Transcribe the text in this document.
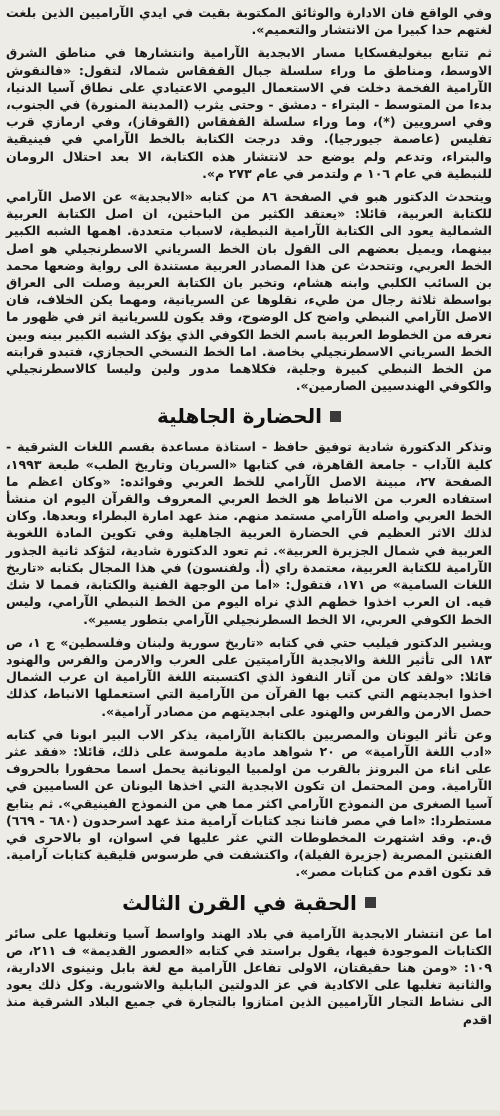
وفي الواقع فان الادارة والوثائق المكتوبة بقيت في ايدي الآراميين الذين بلغت لغتهم حدا كبيرا من الانتشار والتعميم».

ثم تتابع بيغوليفسكايا مسار الابجدية الآرامية وانتشارها في مناطق الشرق الاوسط، ومناطق ما وراء سلسلة جبال القفقاس شمالا، لتقول: «فالنقوش الآرامية الفخمة دخلت في الاستعمال اليومي الاعتيادي على نطاق آسيا الدنيا، بدءا من المتوسط - البتراء - دمشق - وحتى يثرب (المدينة المنورة) في الجنوب، وفي اسرويين (*)، وما وراء سلسلة القفقاس (القوقاز)، وفي ارمازي قرب تفليس (عاصمة جيورجيا). وقد درجت الكتابة بالخط الآرامي في فينيقية والبتراء، وتدعم ولم يوضع حد لانتشار هذه الكتابة، الا بعد احتلال الرومان للنبطية في عام ١٠٦ م ولتدمر في عام ٢٧٣ م».

ويتحدث الدكتور هبو في الصفحة ٨٦ من كتابه «الابجدية» عن الاصل الآرامي للكتابة العربية، قائلا: «يعتقد الكثير من الباحثين، ان اصل الكتابة العربية الشمالية يعود الى الكتابة الآرامية النبطية، لاسباب متعددة. اهمها الشبه الكبير بينهما، ويميل بعضهم الى القول بان الخط السرياني الاسطرنجيلي هو اصل الخط العربي، وتتحدث عن هذا المصادر العربية مستندة الى رواية وضعها محمد بن السائب الكلبي وابنه هشام، وتخبر بان الكتابة العربية وصلت الى العراق بواسطة ثلاثة رجال من طيء، نقلوها عن السريانية، ومهما يكن الخلاف، فان الاصل الآرامي النبطي واضح كل الوضوح، وقد يكون للسريانية اثر في ظهور ما نعرفه من الخطوط العربية باسم الخط الكوفي الذي يؤكد الشبه الكبير بينه وبين الخط السرياني الاسطرنجيلي بخاصة. اما الخط النسخي الحجازي، فتبدو قرابته من الخط النبطي كبيرة وجلية، فكلاهما مدور ولين وليسا كالاسطرنجيلي والكوفي الهندسيين الصارمين».

الحضارة الجاهلية

وتذكر الدكتورة شادية توفيق حافظ - استاذة مساعدة بقسم اللغات الشرقية - كلية الآداب - جامعة القاهرة، في كتابها «السريان وتاريخ الطب» طبعة ١٩٩٣، الصفحة ٢٧، مبينة الاصل الآرامي للخط العربي وفوائده: «وكان اعظم ما استفاده العرب من الانباط هو الخط العربي المعروف والقرآن اليوم ان منشأ الخط العربي واصله الآرامي مستمد منهم. منذ عهد امارة البطراء وبعدها. وكان لذلك الاثر العظيم في الحضارة العربية الجاهلية وفي تكوين المادة اللغوية العربية في شمال الجزيرة العربية». ثم تعود الدكتورة شادية، لتؤكد ثانية الجذور الآرامية للكتابة العربية، معتمدة راي (أ. ولفنسون) في هذا المجال بكتابه «تاريخ اللغات السامية» ص ١٧١، فتقول: «اما من الوجهة الفنية والكتابة، فمما لا شك فيه. ان العرب اخذوا خطهم الذي نراه اليوم من الخط النبطي الآرامي، وليس الخط الكوفي العربي، الا الخط السطرنجيلي الآرامي بتطور يسير».

ويشير الدكتور فيليب حتي في كتابه «تاريخ سورية ولبنان وفلسطين» ج ١، ص ١٨٣ الى تأثير اللغة والابجدية الآراميتين على العرب والارمن والفرس والهنود قائلا: «ولقد كان من آثار النفوذ الذي اكتسبته اللغة الآرامية ان عرب الشمال اخذوا ابجديتهم التي كتب بها القرآن من الآرامية التي استعملها الانباط، كذلك حصل الارمن والفرس والهنود على ابجديتهم من مصادر آرامية».

وعن تأثر اليونان والمصريين بالكتابة الآرامية، يذكر الاب البير ابونا في كتابه «ادب اللغة الآرامية» ص ٢٠ شواهد مادية ملموسة على ذلك، قائلا: «فقد عثر على اناء من البرونز بالقرب من اولمبيا اليونانية يحمل اسما محفورا بالحروف الآرامية. ومن المحتمل ان تكون الابجدية التي اخذها اليونان عن الساميين في آسيا الصغرى من النموذج الآرامي اكثر مما هي من النموذج الفينيقي». ثم يتابع مستطردا: «اما في مصر فاننا نجد كتابات آرامية منذ عهد اسرحدون (٦٨٠ - ٦٦٩) ق.م. وقد اشتهرت المخطوطات التي عثر عليها في اسوان، او بالاحرى في الفنتين المصرية (جزيرة الفيلة)، واكتشفت في طرسوس قليقية كتابات آرامية. قد تكون اقدم من كتابات مصر».

الحقبة في القرن الثالث

اما عن انتشار الابجدية الآرامية في بلاد الهند واواسط آسيا وتغلبها على سائر الكتابات الموجودة فيها، يقول براستد في كتابه «العصور القديمة» ف ٢١١، ص ١٠٩: «ومن هنا حقيقتان، الاولى تفاعل الآرامية مع لغة بابل ونينوى الادارية، والثانية تغلبها على الاكادية في عز الدولتين البابلية والاشورية. وكل ذلك يعود الى نشاط التجار الآراميين الذين امتازوا بالتجارة في جميع البلاد الشرقية منذ اقدم
